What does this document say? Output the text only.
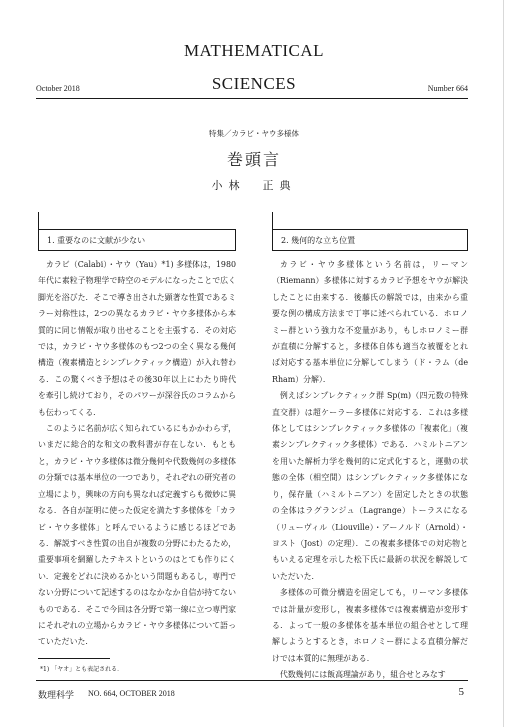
MATHEMATICAL
SCIENCES
October 2018	Number 664
特集／カラビ・ヤウ多様体
巻頭言
小林　正典
1. 重要なのに文献が少ない

カラビ（Calabi）・ヤウ（Yau）*1) 多様体は，1980年代に素粒子物理学で時空のモデルになったことで広く脚光を浴びた．そこで導き出された顕著な性質であるミラー対称性は，2つの異なるカラビ・ヤウ多様体から本質的に同じ情報が取り出せることを主張する．その対応では，カラビ・ヤウ多様体のもつ2つの全く異なる幾何構造（複素構造とシンプレクティック構造）が入れ替わる．この驚くべき予想はその後30年以上にわたり時代を牽引し続けており，そのパワーが深谷氏のコラムからも伝わってくる．

このように名前が広く知られているにもかかわらず，いまだに総合的な和文の教科書が存在しない．もともと，カラビ・ヤウ多様体は微分幾何や代数幾何の多様体の分類では基本単位の一つであり，それぞれの研究者の立場により，興味の方向も異なれば定義すらも微妙に異なる．各自が証明に使った仮定を満たす多様体を「カラビ・ヤウ多様体」と呼んでいるように感じるほどである．解説すべき性質の出自が複数の分野にわたるため，重要事項を網羅したテキストというのはとても作りにくい．定義をどれに決めるかという問題もあるし，専門でない分野について記述するのはなかなか自信が持てないものである．そこで今回は各分野で第一線に立つ専門家にそれぞれの立場からカラビ・ヤウ多様体について語っていただいた．

*1) 「ヤオ」とも表記される．
2. 幾何的な立ち位置

カラビ・ヤウ多様体という名前は，リーマン（Riemann）多様体に対するカラビ予想をヤウが解決したことに由来する．後藤氏の解説では，由来から重要な例の構成方法まで丁寧に述べられている．ホロノミー群という強力な不変量があり，もしホロノミー群が直積に分解すると，多様体自体も適当な被覆をとれば対応する基本単位に分解してしまう（ド・ラム（de Rham）分解）．

例えばシンプレクティック群 Sp(m)（四元数の特殊直交群）は超ケーラー多様体に対応する．これは多様体としてはシンプレクティック多様体の「複素化」（複素シンプレクティック多様体）である．ハミルトニアンを用いた解析力学を幾何的に定式化すると，運動の状態の全体（相空間）はシンプレクティック多様体になり，保存量（ハミルトニアン）を固定したときの状態の全体はラグランジュ（Lagrange）トーラスになる（リューヴィル（Liouville）・アーノルド（Arnold）・ヨスト（Jost）の定理）．この複素多様体での対応物ともいえる定理を示した松下氏に最新の状況を解説していただいた．

多様体の可微分構造を固定しても，リーマン多様体では計量が変形し，複素多様体では複素構造が変形する．よって一般の多様体を基本単位の組合せとして理解しようとするとき，ホロノミー群による直積分解だけでは本質的に無理がある．

代数幾何には飯高理論があり，組合せとみなす

数理科学 NO. 664, OCTOBER 2018	5
